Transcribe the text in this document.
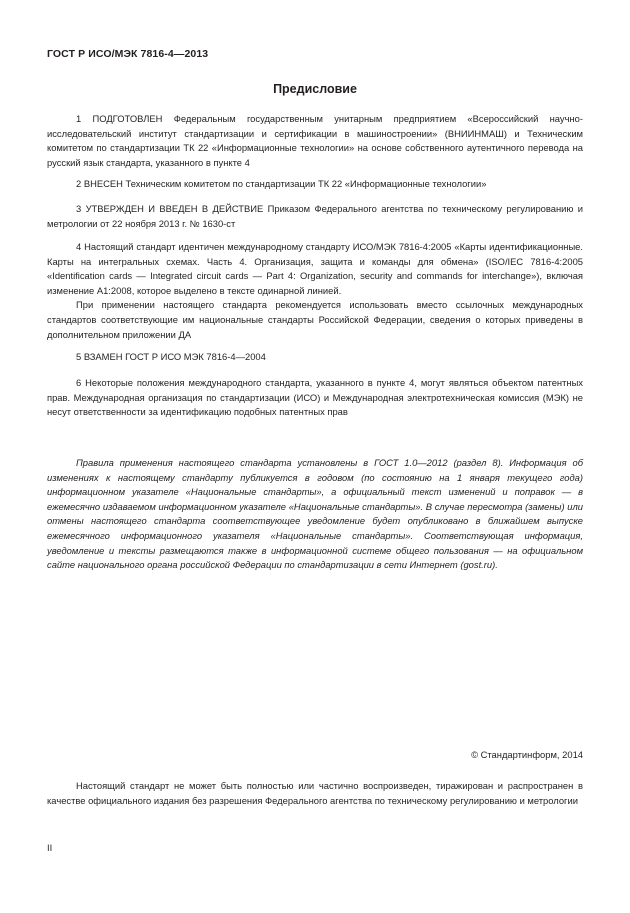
ГОСТ Р ИСО/МЭК 7816-4—2013
Предисловие

1 ПОДГОТОВЛЕН Федеральным государственным унитарным предприятием «Всероссийский научно-исследовательский институт стандартизации и сертификации в машиностроении» (ВНИИНМАШ) и Техническим комитетом по стандартизации ТК 22 «Информационные технологии» на основе собственного аутентичного перевода на русский язык стандарта, указанного в пункте 4

2 ВНЕСЕН Техническим комитетом по стандартизации ТК 22 «Информационные технологии»

3 УТВЕРЖДЕН И ВВЕДЕН В ДЕЙСТВИЕ Приказом Федерального агентства по техническому регулированию и метрологии от 22 ноября 2013 г. № 1630-ст

4 Настоящий стандарт идентичен международному стандарту ИСО/МЭК 7816-4:2005 «Карты идентификационные. Карты на интегральных схемах. Часть 4. Организация, защита и команды для обмена» (ISO/IEC 7816-4:2005 «Identification cards — Integrated circuit cards — Part 4: Organization, security and commands for interchange»), включая изменение А1:2008, которое выделено в тексте одинарной линией.

При применении настоящего стандарта рекомендуется использовать вместо ссылочных международных стандартов соответствующие им национальные стандарты Российской Федерации, сведения о которых приведены в дополнительном приложении ДА

5 ВЗАМЕН ГОСТ Р ИСО МЭК 7816-4—2004

6 Некоторые положения международного стандарта, указанного в пункте 4, могут являться объектом патентных прав. Международная организация по стандартизации (ИСО) и Международная электротехническая комиссия (МЭК) не несут ответственности за идентификацию подобных патентных прав

Правила применения настоящего стандарта установлены в ГОСТ 1.0—2012 (раздел 8). Информация об изменениях к настоящему стандарту публикуется в годовом (по состоянию на 1 января текущего года) информационном указателе «Национальные стандарты», а официальный текст изменений и поправок — в ежемесячно издаваемом информационном указателе «Национальные стандарты». В случае пересмотра (замены) или отмены настоящего стандарта соответствующее уведомление будет опубликовано в ближайшем выпуске ежемесячного информационного указателя «Национальные стандарты». Соответствующая информация, уведомление и тексты размещаются также в информационной системе общего пользования — на официальном сайте национального органа российской Федерации по стандартизации в сети Интернет (gost.ru).

© Стандартинформ, 2014

Настоящий стандарт не может быть полностью или частично воспроизведен, тиражирован и распространен в качестве официального издания без разрешения Федерального агентства по техническому регулированию и метрологии

II
